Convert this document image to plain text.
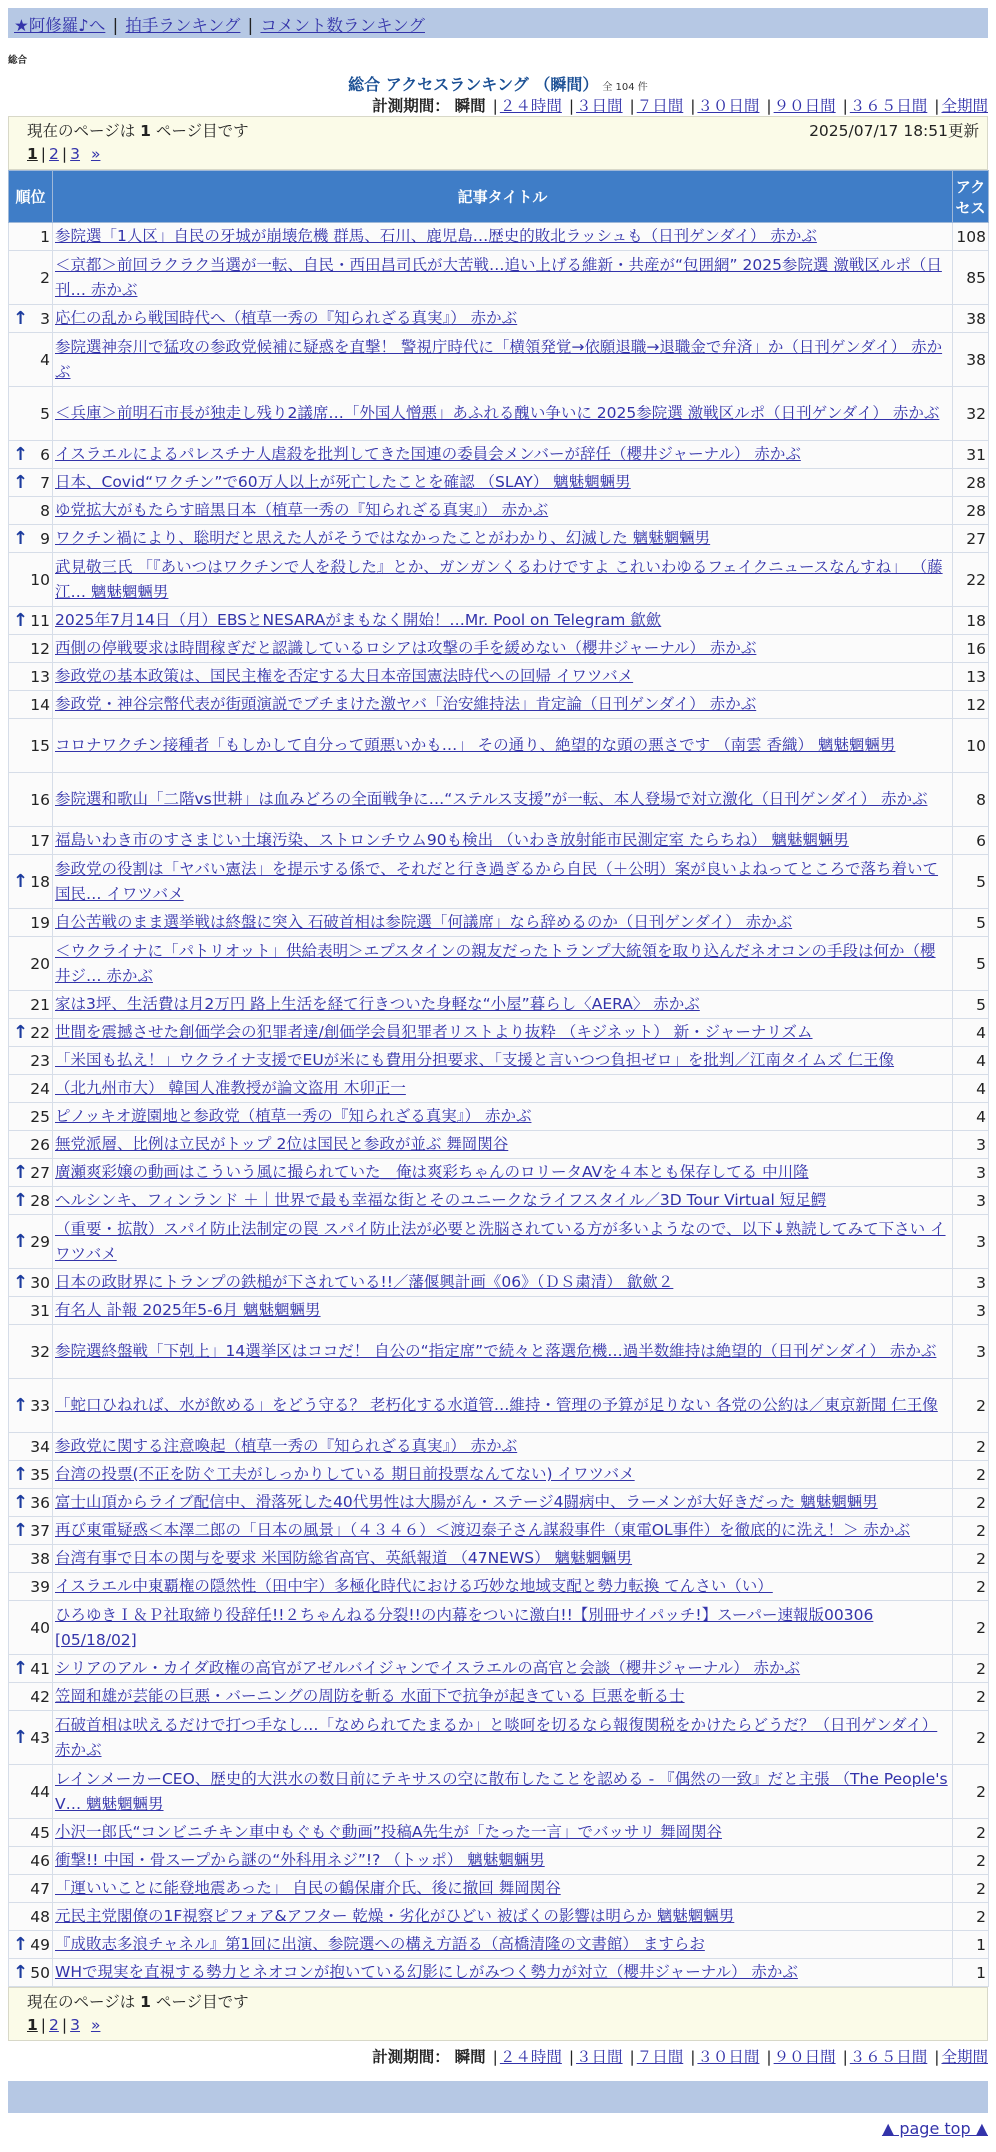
★阿修羅♪へ | 拍手ランキング | コメント数ランキング
総合
総合 アクセスランキング （瞬間） 全 104 件
計測期間： 瞬間 | ２４時間 | ３日間 | ７日間 | ３０日間 | ９０日間 | ３６５日間 | 全期間
現在のページは 1 ページ目です	2025/07/17 18:51更新
1 | 2 | 3 »
順位	記事タイトル	アクセス
1	参院選「1人区」自民の牙城が崩壊危機 群馬、石川、鹿児島…歴史的敗北ラッシュも（日刊ゲンダイ） 赤かぶ	108
2	＜京都＞前回ラクラク当選が一転、自民・西田昌司氏が大苦戦…追い上げる維新・共産が“包囲網” 2025参院選 激戦区ルポ（日刊… 赤かぶ	85

↑ 3	応仁の乱から戦国時代へ（植草一秀の『知られざる真実』） 赤かぶ	38
4	参院選神奈川で猛攻の参政党候補に疑惑を直撃！ 警視庁時代に「横領発覚→依願退職→退職金で弁済」か（日刊ゲンダイ） 赤かぶ	38
5	＜兵庫＞前明石市長が独走し残り2議席…「外国人憎悪」あふれる醜い争いに 2025参院選 激戦区ルポ（日刊ゲンダイ） 赤かぶ	32

↑ 6	イスラエルによるパレスチナ人虐殺を批判してきた国連の委員会メンバーが辞任（櫻井ジャーナル） 赤かぶ	31

↑ 7	日本、Covid“ワクチン”で60万人以上が死亡したことを確認 （SLAY） 魑魅魍魎男	28
8	ゆ党拡大がもたらす暗黒日本（植草一秀の『知られざる真実』） 赤かぶ	28

↑ 9	ワクチン禍により、聡明だと思えた人がそうではなかったことがわかり、幻滅した 魑魅魍魎男	27
10	武見敬三氏 「『あいつはワクチンで人を殺した』とか、ガンガンくるわけですよ これいわゆるフェイクニュースなんすね」 （藤江… 魑魅魍魎男	22

↑ 11	2025年7月14日（月）EBSとNESARAがまもなく開始！…Mr. Pool on Telegram 歙歛	18
12	西側の停戦要求は時間稼ぎだと認識しているロシアは攻撃の手を緩めない（櫻井ジャーナル） 赤かぶ	16
13	参政党の基本政策は、国民主権を否定する大日本帝国憲法時代への回帰 イワツバメ	13
14	参政党・神谷宗幣代表が街頭演説でブチまけた激ヤバ「治安維持法」肯定論（日刊ゲンダイ） 赤かぶ	12
15	コロナワクチン接種者「もしかして自分って頭悪いかも…」 その通り、絶望的な頭の悪さです （南雲 香織） 魑魅魍魎男	10
16	参院選和歌山「二階vs世耕」は血みどろの全面戦争に…“ステルス支援”が一転、本人登場で対立激化（日刊ゲンダイ） 赤かぶ	8
17	福島いわき市のすさまじい土壌汚染、ストロンチウム90も検出 （いわき放射能市民測定室 たらちね） 魑魅魍魎男	6

↑ 18	参政党の役割は「ヤバい憲法」を提示する係で、それだと行き過ぎるから自民（＋公明）案が良いよねってところで落ち着いて国民… イワツバメ	5
19	自公苦戦のまま選挙戦は終盤に突入 石破首相は参院選「何議席」なら辞めるのか（日刊ゲンダイ） 赤かぶ	5
20	＜ウクライナに「パトリオット」供給表明＞エプスタインの親友だったトランプ大統領を取り込んだネオコンの手段は何か（櫻井ジ… 赤かぶ	5
21	家は3坪、生活費は月2万円 路上生活を経て行きついた身軽な“小屋”暮らし〈AERA〉 赤かぶ	5

↑ 22	世間を震撼させた創価学会の犯罪者達/創価学会員犯罪者リストより抜粋 （キジネット） 新・ジャーナリズム	4
23	「米国も払え！」ウクライナ支援でEUが米にも費用分担要求、「支援と言いつつ負担ゼロ」を批判／江南タイムズ 仁王像	4
24	（北九州市大） 韓国人准教授が論文盗用 木卯正一	4
25	ピノッキオ遊園地と参政党（植草一秀の『知られざる真実』） 赤かぶ	4
26	無党派層、比例は立民がトップ 2位は国民と参政が並ぶ 舞岡関谷	3

↑ 27	廣瀬爽彩嬢の動画はこういう風に撮られていた＿俺は爽彩ちゃんのロリータAVを４本とも保存してる 中川隆	3

↑ 28	ヘルシンキ、フィンランド ＋｜世界で最も幸福な街とそのユニークなライフスタイル／3D Tour Virtual 短足鰐	3

↑ 29	（重要・拡散）スパイ防止法制定の罠 スパイ防止法が必要と洗脳されている方が多いようなので、以下↓熟読してみて下さい イワツバメ	3

↑ 30	日本の政財界にトランプの鉄槌が下されている!!／藩偃興計画《06》（ＤＳ粛清） 歙歛２	3
31	有名人 訃報 2025年5-6月 魑魅魍魎男	3
32	参院選終盤戦「下剋上」14選挙区はココだ！ 自公の“指定席”で続々と落選危機…過半数維持は絶望的（日刊ゲンダイ） 赤かぶ	3

↑ 33	「蛇口ひねれば、水が飲める」をどう守る？ 老朽化する水道管…維持・管理の予算が足りない 各党の公約は／東京新聞 仁王像	2
34	参政党に関する注意喚起（植草一秀の『知られざる真実』） 赤かぶ	2

↑ 35	台湾の投票(不正を防ぐ工夫がしっかりしている 期日前投票なんてない) イワツバメ	2

↑ 36	富士山頂からライブ配信中、滑落死した40代男性は大腸がん・ステージ4闘病中、ラーメンが大好きだった 魑魅魍魎男	2

↑ 37	再び東電疑惑＜本澤二郎の「日本の風景」（４３４６）＜渡辺泰子さん謀殺事件（東電OL事件）を徹底的に洗え！＞ 赤かぶ	2
38	台湾有事で日本の関与を要求 米国防総省高官、英紙報道 （47NEWS） 魑魅魍魎男	2
39	イスラエル中東覇権の隠然性（田中宇）多極化時代における巧妙な地域支配と勢力転換 てんさい（い）	2
40	ひろゆきＩ＆Ｐ社取締り役辞任!!２ちゃんねる分裂!!の内幕をついに激白!!【別冊サイパッチ!】スーパー速報版00306 [05/18/02]	2

↑ 41	シリアのアル・カイダ政権の高官がアゼルバイジャンでイスラエルの高官と会談（櫻井ジャーナル） 赤かぶ	2
42	笠岡和雄が芸能の巨悪・バーニングの周防を斬る 水面下で抗争が起きている 巨悪を斬る士	2

↑ 43	石破首相は吠えるだけで打つ手なし…「なめられてたまるか」と啖呵を切るなら報復関税をかけたらどうだ？（日刊ゲンダイ） 赤かぶ	2
44	レインメーカーCEO、歴史的大洪水の数日前にテキサスの空に散布したことを認める - 『偶然の一致』だと主張 （The People's V… 魑魅魍魎男	2
45	小沢一郎氏“コンビニチキン車中もぐもぐ動画”投稿A先生が「たった一言」でバッサリ 舞岡関谷	2
46	衝撃!! 中国・骨スープから謎の“外科用ネジ”!? （トッポ） 魑魅魍魎男	2
47	「運いいことに能登地震あった」 自民の鶴保庸介氏、後に撤回 舞岡関谷	2
48	元民主党閣僚の1F視察ピフォア&アフター 乾燥・劣化がひどい 被ばくの影響は明らか 魑魅魍魎男	2

↑ 49	『成敗志多浪チャネル』第1回に出演、参院選への構え方語る（高橋清隆の文書館） ますらお	1

↑ 50	WHで現実を直視する勢力とネオコンが抱いている幻影にしがみつく勢力が対立（櫻井ジャーナル） 赤かぶ	1
現在のページは 1 ページ目です
1 | 2 | 3 »
計測期間： 瞬間 | ２４時間 | ３日間 | ７日間 | ３０日間 | ９０日間 | ３６５日間 | 全期間
▲ page top ▲
